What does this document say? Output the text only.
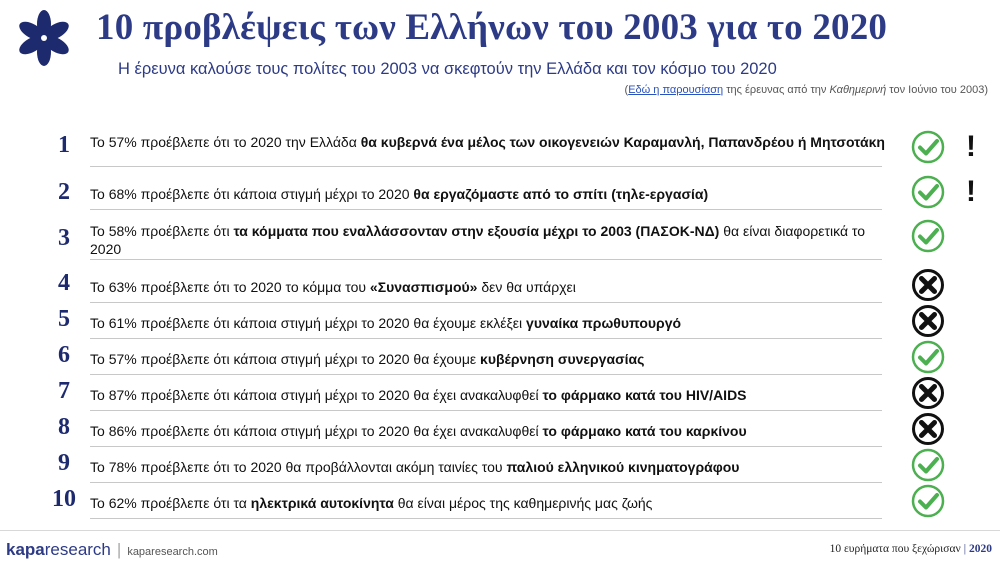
10 προβλέψεις των Ελλήνων του 2003 για το 2020
Η έρευνα καλούσε τους πολίτες του 2003 να σκεφτούν την Ελλάδα και τον κόσμο του 2020
(Εδώ η παρουσίαση της έρευνας από την Καθημερινή τον Ιούνιο του 2003)
1	Το 57% προέβλεπε ότι το 2020 την Ελλάδα θα κυβερνά ένα μέλος των οικογενειών Καραμανλή, Παπανδρέου ή Μητσοτάκη	!
2	Το 68% προέβλεπε ότι κάποια στιγμή μέχρι το 2020 θα εργαζόμαστε από το σπίτι (τηλε-εργασία)	!
3	Το 58% προέβλεπε ότι τα κόμματα που εναλλάσσονταν στην εξουσία μέχρι το 2003 (ΠΑΣΟΚ-ΝΔ) θα είναι διαφορετικά το 2020
4	Το 63% προέβλεπε ότι το 2020 το κόμμα του «Συνασπισμού» δεν θα υπάρχει
5	Το 61% προέβλεπε ότι κάποια στιγμή μέχρι το 2020 θα έχουμε εκλέξει γυναίκα πρωθυπουργό
6	Το 57% προέβλεπε ότι κάποια στιγμή μέχρι το 2020 θα έχουμε κυβέρνηση συνεργασίας
7	Το 87% προέβλεπε ότι κάποια στιγμή μέχρι το 2020 θα έχει ανακαλυφθεί το φάρμακο κατά του HIV/AIDS
8	Το 86% προέβλεπε ότι κάποια στιγμή μέχρι το 2020 θα έχει ανακαλυφθεί το φάρμακο κατά του καρκίνου
9	Το 78% προέβλεπε ότι το 2020 θα προβάλλονται ακόμη ταινίες του παλιού ελληνικού κινηματογράφου
10	Το 62% προέβλεπε ότι τα ηλεκτρικά αυτοκίνητα θα είναι μέρος της καθημερινής μας ζωής
kaparesearch | kaparesearch.com	10 ευρήματα που ξεχώρισαν | 2020
